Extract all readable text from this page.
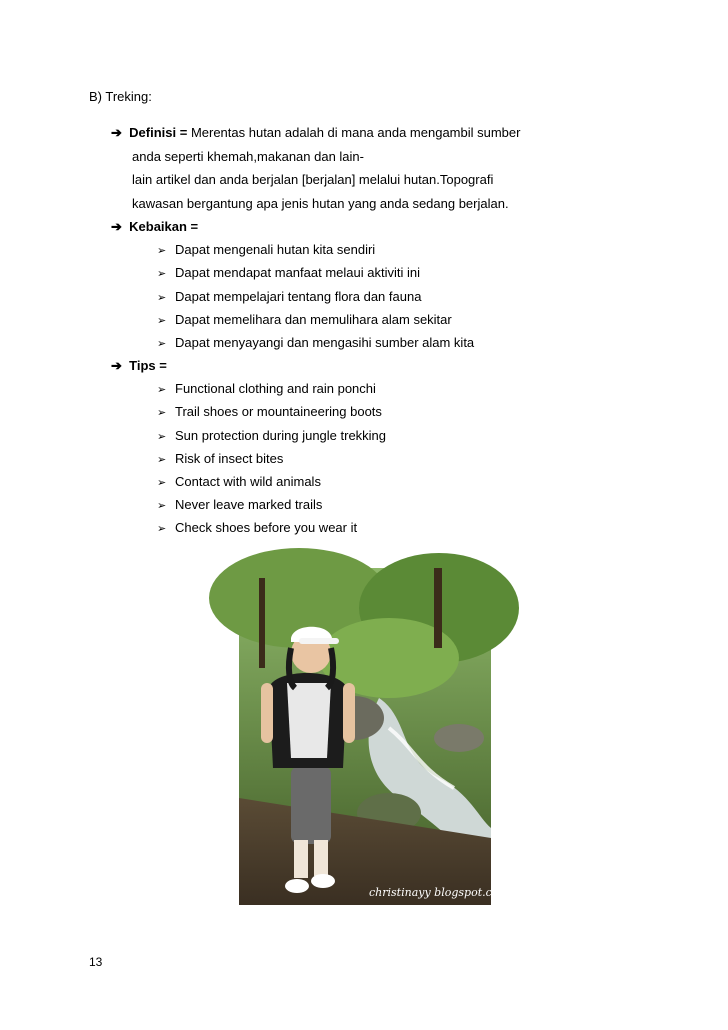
B) Treking:
➔ Definisi = Merentas hutan adalah di mana anda mengambil sumber
anda seperti khemah,makanan dan lain-
lain artikel dan anda berjalan [berjalan] melalui hutan.Topografi
kawasan bergantung apa jenis hutan yang anda sedang berjalan.
➔ Kebaikan =
➢ Dapat mengenali hutan kita sendiri
➢ Dapat mendapat manfaat melaui aktiviti ini
➢ Dapat mempelajari tentang flora dan fauna
➢ Dapat memelihara dan memulihara alam sekitar
➢ Dapat menyayangi dan mengasihi sumber alam kita
➔ Tips =
➢ Functional clothing and rain ponchi
➢ Trail shoes or mountaineering boots
➢ Sun protection during jungle trekking
➢ Risk of insect bites
➢ Contact with wild animals
➢ Never leave marked trails
➢ Check shoes before you wear it
christinayy blogspot.com
13
